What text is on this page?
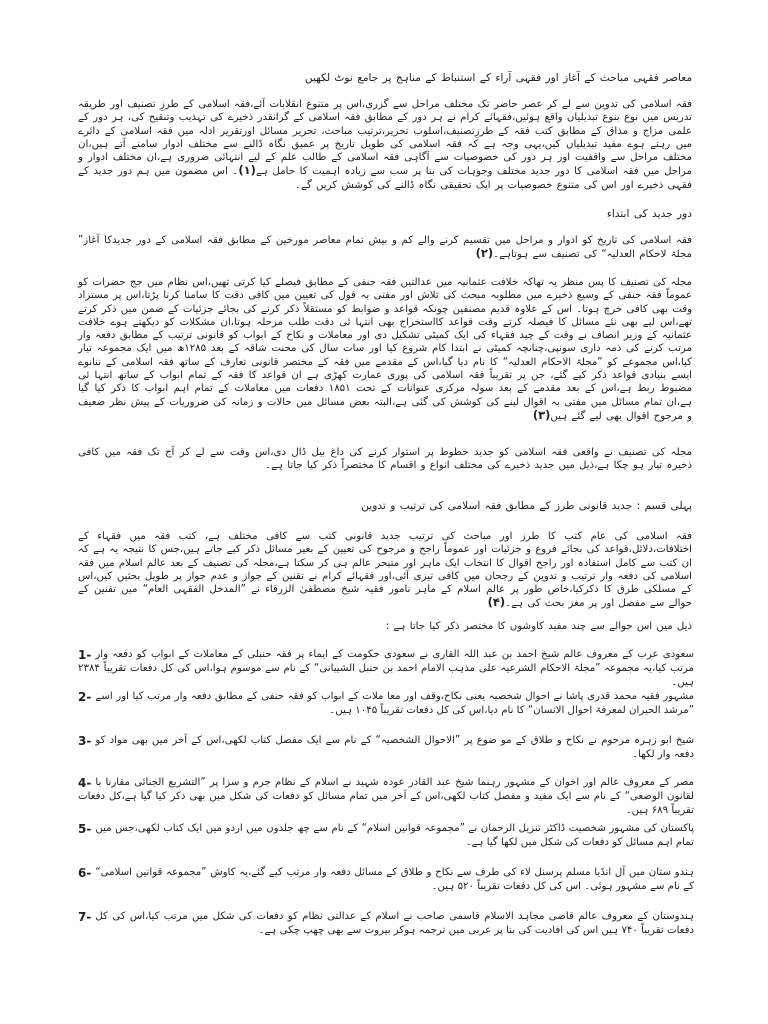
معاصر فقہی مباحث کے آغاز اور فقہی آراء کے استنباط کے مناہج پر جامع نوٹ لکھیں
فقہ اسلامی کی تدوین سے لے کر عصر حاضر تک مختلف مراحل سے گزری،اس پر متنوع انقلابات آئے،فقہ اسلامی کے طرزِ تصنیف اور طریقہ تدریس میں نوع بنوع تبدیلیاں واقع ہوئیں،فقہائے کرام نے ہر دور کے مطابق فقہ اسلامی کے گرانقدر ذخیرے کی تہذیب وتنقیح کی، ہر دور کے علمی مزاج و مذاق کے مطابق کتب فقہ کے طرزِتصنیف،اسلوب تحریر،ترتیب مباحث، تحریر مسائل اورتقریر ادلہ میں فقہ اسلامی کے دائرے میں رہتے ہوے مفید تبدیلیاں کیں،یہی وجہ ہے کہ فقہ اسلامی کی طویل تاریخ پر عمیق نگاہ ڈالنے سے مختلف ادوار سامنے آتے ہیں،ان مختلف مراحل سے واقفیت اور ہر دور کی خصوصیات سے آگاہی فقہ اسلامی کے طالب علم کے لیے انتہائی ضروری ہے،ان مختلف ادوار و مراحل میں فقہ اسلامی کا دور جدید مختلف وجوہات کی بنا پر سب سے زیادہ اہمیت کا حامل ہے(۱)۔ اس مضمون میں ہم دور جدید کے فقہی ذخیرے اور اس کی متنوع خصوصیات پر ایک تحقیقی نگاہ ڈالنے کی کوشش کریں گے۔
دور جدید کی ابتداء
فقہ اسلامی کی تاریخ کو ادوار و مراحل میں تقسیم کرنے والے کم و بیش تمام معاصر مورخین کے مطابق فقہ اسلامی کے دور جدیدکا آغاز” مجلۃ لاحکام العدلیہ“ کی تصنیف سے ہوتاہے۔(۲)
مجلہ کی تصنیف کا پس منظر یہ تھاکہ خلافت عثمانیہ میں عدالتیں فقہ حنفی کے مطابق فیصلے کیا کرتی تھیں،اس نظام میں جج حضرات کو عموماً فقہ حنفی کے وسیع ذخیرے میں مطلوبہ مبحث کی تلاش اور مفتی بہ قول کی تعیین میں کافی دقت کا سامنا کرنا پڑتا،اس پر مستزاد وقت بھی کافی خرچ ہوتا۔ اس کے علاوہ قدیم مصنفین چونکہ قواعد و ضوابط کو مستقلاً ذکر کرنے کی بجائے جزئیات کے ضمن میں ذکر کرتے تھے،اس لیے بھی نئے مسائل کا فیصلہ کرتے وقت قواعد کااستخراج بھی انتہا ئی دقت طلب مرحلہ ہوتا،ان مشکلات کو دیکھتے ہوے خلافت عثمانیہ کے وزیر انصاف نے وقت کے چید فقہاء کی ایک کمیٹی تشکیل دی اور معاملات و نکاح کے ابواب کو قانونی ترتیب کے مطابق دفعہ وار مرتب کرنے کی ذمہ داری سونپی،چنانچہ کمیٹی نے ابتدا کام شروع کیا اور سات سال کی محنت شاقہ کے بعد ۱۲۸۵ھ میں ایک مجموعہ تیار کیا،اس مجموعے کو ”مجلۃ الاحکام العدلیہ“ کا نام دیا گیا،اس کے مقدمے میں فقہ کے مختصر قانونی تعارف کے ساتھ فقہ اسلامی کے ننانوے ایسے بنیادی قواعد ذکر کیے گئے، جن پر تقریباً فقہ اسلامی کی پوری عمارت کھڑی ہے ان قواعد کا فقہ کے تمام ابواب کے ساتھ انتہا ئی مضبوط ربط ہے،اس کے بعد مقدمے کے بعد سولہ مرکزی عنوانات کے تحت ۱۸۵۱ دفعات میں معاملات کے تمام اہم ابواب کا ذکر کیا گیا ہے،ان تمام مسائل میں مفتی بہ اقوال لینے کی کوشش کی گئی ہے،البتہ بعض مسائل میں حالات و زمانہ کی ضروریات کے پیش نظر ضعیف و مرجوح اقوال بھی لیے گئے ہیں(۳)
مجلہ کی تصنیف نے واقعی فقہ اسلامی کو جدید خطوط پر استوار کرنے کی داغ بیل ڈال دی،اس وقت سے لے کر آج تک فقہ میں کافی ذخیرہ تیار ہو چکا ہے،ذیل میں جدید ذخیرے کی مختلف انواع و اقسام کا مختصراً ذکر کیا جاتا ہے۔
پہلی قسم : جدید قانونی طرز کے مطابق فقہ اسلامی کی ترتیب و تدوین
فقہ اسلامی کی عام کتب کا طرز اور مباحث کی ترتیب جدید قانونی کتب سے کافی مختلف ہے، کتب فقہ میں فقہاء کے اختلافات،دلائل،قواعد کی بجائے فروع و جزئیات اور عموماً راجح و مرجوح کی تعیین کے بغیر مسائل ذکر کیے جاتے ہیں،جس کا نتیجہ یہ ہے کہ ان کتب سے کامل استفادہ اور راجح اقوال کا انتخاب ایک ماہر اور متبحر عالم ہی کر سکتا ہے،مجلہ کی تصنیف کے بعد عالم اسلام میں فقہ اسلامی کی دفعہ وار ترتیب و تدوین کے رجحان میں کافی تیزی آئی،اور فقہائے کرام نے تقنین کے جواز و عدم جواز پر طویل بحثیں کیں،اس کے مسلکی طرق کا ذکرکیا،خاص طور پر عالم اسلام کے ماہر نامور فقیہ شیخ مصطفیٰ الزرقاء نے ”المدخل الفقہی العام“ میں تقنین کے حوالے سے مفصل اور پر مغز بحث کی ہے۔(۴)
ذیل میں اس حوالے سے چند مفید کاوشوں کا مختصر ذکر کیا جاتا ہے :
1- سعودی عرب کے معروف عالم شیخ احمد بن عبد اللہ القاری نے سعودی حکومت کے ایماء پر فقہ حنبلی کے معاملات کے ابواب کو دفعہ وار مرتب کیا،یہ مجموعہ ”مجلۃ الاحکام الشرعیہ علی مذہب الامام احمد بن حنبل الشیبانی“ کے نام سے موسوم ہوا،اس کی کل دفعات تقریباً ۲۳۸۴ ہیں۔
2- مشہور فقیہ محمد قدری پاشا نے احوال شخصیہ یعنی نکاح،وقف اور معا ملات کے ابواب کو فقہ حنفی کے مطابق دفعہ وار مرتب کیا اور اسے ”مرشد الحیران لمعرفۃ احوال الانسان“ کا نام دیا،اس کی کل دفعات تقریباً ۱۰۴۵ ہیں۔
3- شیخ ابو زہرہ مرحوم نے نکاح و طلاق کے مو ضوع پر ”الاحوال الشخصیہ“ کے نام سے ایک مفصل کتاب لکھی،اس کے آخر میں بھی مواد کو دفعہ وار لکھا۔
4- مصر کے معروف عالم اور اخوان کے مشہور رہنما شیخ عبد القادر عودہ شہید نے اسلام کے نظام جرم و سزا پر ”التشریع الجنائی مقارنا با لقانون الوضعی“ کے نام سے ایک مفید و مفصل کتاب لکھی،اس کے آخر میں تمام مسائل کو دفعات کی شکل میں بھی ذکر کیا گیا ہے،کل دفعات تقریباً ۶۸۹ ہیں۔
5- پاکستان کی مشہور شخصیت ڈاکٹر تنزیل الرحمان نے ”مجموعہ قوانین اسلام“ کے نام سے چھ جلدوں میں اردو میں ایک کتاب لکھی،جس میں تمام اہم مسائل کو دفعات کی شکل میں لکھا گیا ہے۔
6- ہندو ستان میں آل انڈیا مسلم پرسنل لاء کی طرف سے نکاح و طلاق کے مسائل دفعہ وار مرتب کیے گئے،یہ کاوش ”مجموعہ قوانین اسلامی“ کے نام سے مشہور ہوئی۔ اس کی کل دفعات تقریباً ۵۲۰ ہیں۔
7- ہندوستان کے معروف عالم قاضی مجاہد الاسلام قاسمی صاحب نے اسلام کے عدالتی نظام کو دفعات کی شکل میں مرتب کیا،اس کی کل دفعات تقریباً ۷۴۰ ہیں اس کی افادیت کی بنا پر عربی میں ترجمہ ہوکر بیروت سے بھی چھپ چکی ہے۔
